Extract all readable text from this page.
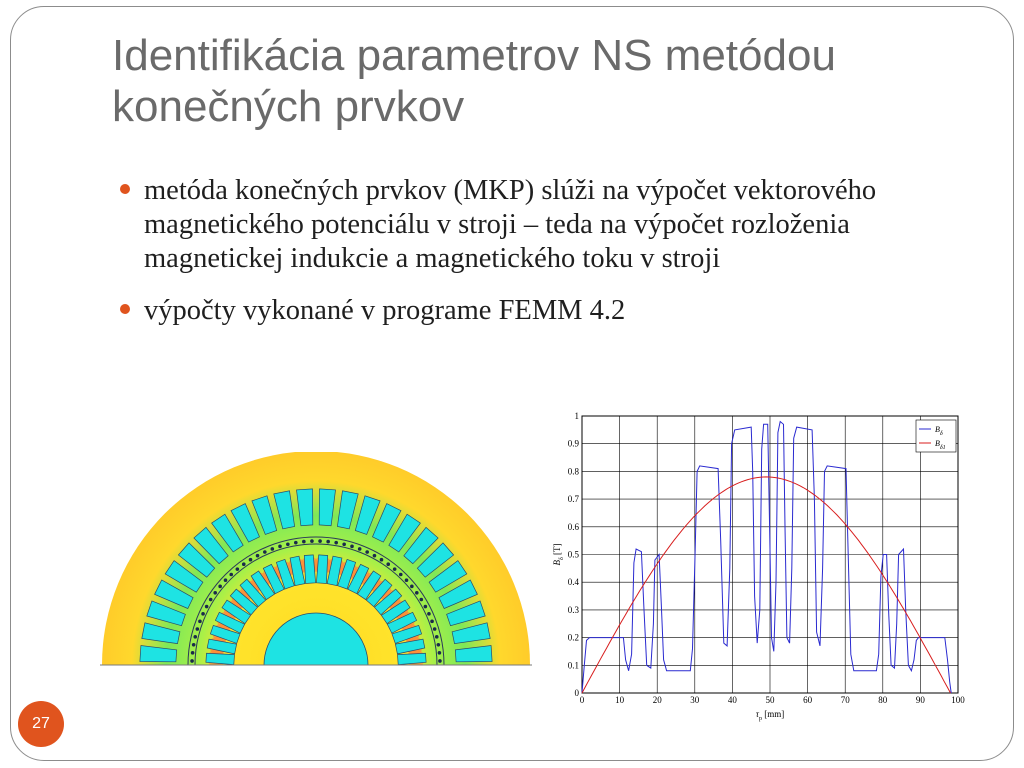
Identifikácia parametrov NS metódou konečných prvkov
metóda konečných prvkov (MKP) slúži na výpočet vektorového magnetického potenciálu v stroji – teda na výpočet rozloženia magnetickej indukcie a magnetického toku v stroji
výpočty vykonané v programe FEMM 4.2
0	10	20	30	40	50	60	70	80	90	100
0
0.1
0.2
0.3
0.4
0.5
0.6
0.7
0.8
0.9
1
$B_\delta$
$B_{\delta 1}$
$\tau_p$ [mm]
$B_\delta$ [T]
27
